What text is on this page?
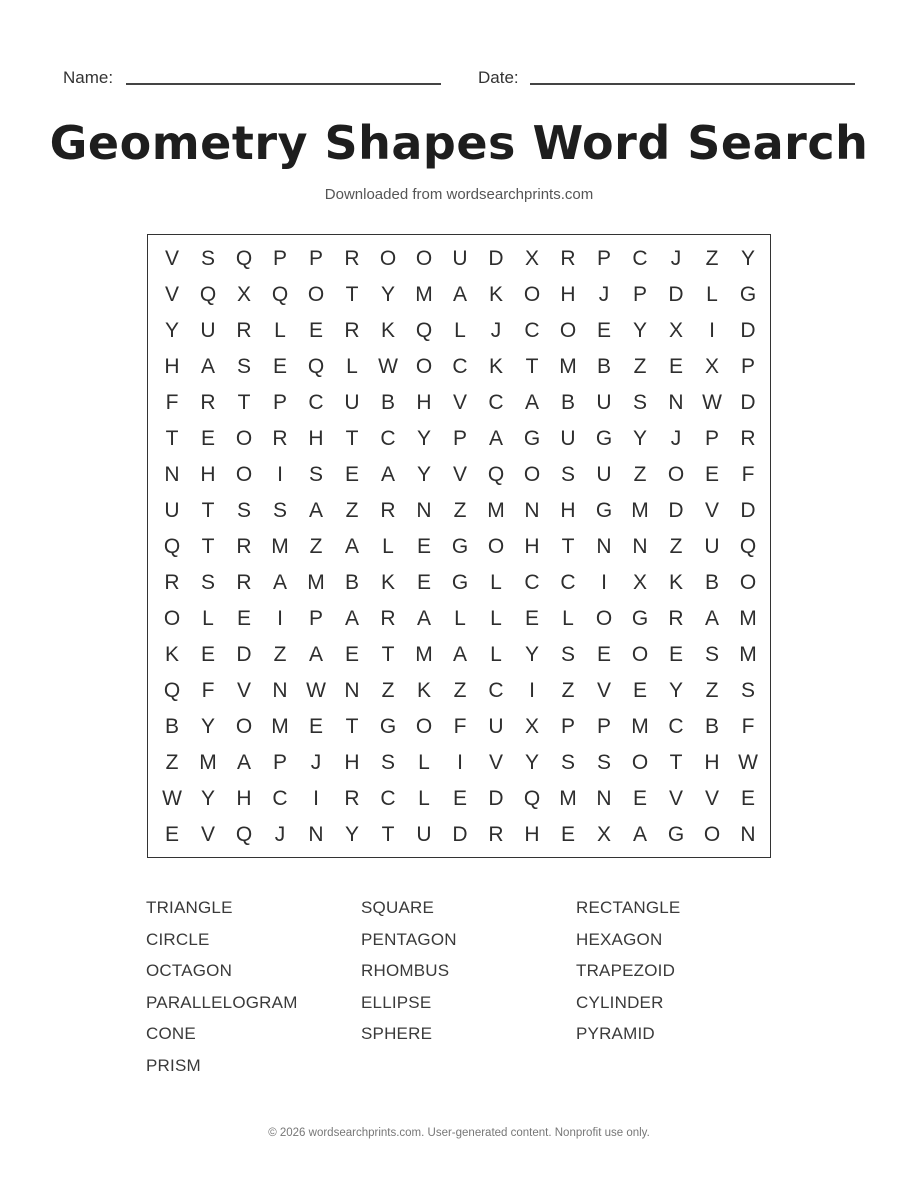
Name:	Date:
Geometry Shapes Word Search
Downloaded from wordsearchprints.com
V	S Q P	P	R O O U D	X	R	P	C	J	Z	Y
V Q X Q O	T	Y M A	K O H	J	P	D	L	G
Y	U R	L	E	R	K Q	L	J	C O E	Y	X	I	D
H	A	S	E Q	L W O C	K	T M B	Z	E	X	P
F	R	T	P	C U	B	H	V	C	A	B	U	S	N W D
T	E O R H	T	C	Y	P	A G U G Y	J	P	R
N H O	I	S	E	A	Y	V Q O S	U	Z	O E	F
U	T	S	S	A	Z	R N	Z M N H G M D	V	D
Q	T	R M Z	A	L	E G O H	T	N N	Z	U Q
R	S	R	A M B	K	E G	L	C C	I	X	K	B O
O	L	E	I	P	A	R	A	L	L	E	L	O G R	A M
K	E	D	Z	A	E	T M A	L	Y	S	E O E	S M
Q	F	V	N W N	Z	K	Z	C	I	Z	V	E	Y	Z	S
B	Y O M E	T	G O	F	U	X	P	P M C	B	F
Z M A	P	J	H	S	L	I	V	Y	S	S O	T	H W
W Y	H C	I	R C	L	E	D Q M N	E	V	V	E
E	V Q	J	N	Y	T	U D R H	E	X	A G O N
TRIANGLE	SQUARE	RECTANGLE
CIRCLE	PENTAGON	HEXAGON
OCTAGON	RHOMBUS	TRAPEZOID
PARALLELOGRAM	ELLIPSE	CYLINDER
CONE	SPHERE	PYRAMID
PRISM
© 2026 wordsearchprints.com. User-generated content. Nonprofit use only.
